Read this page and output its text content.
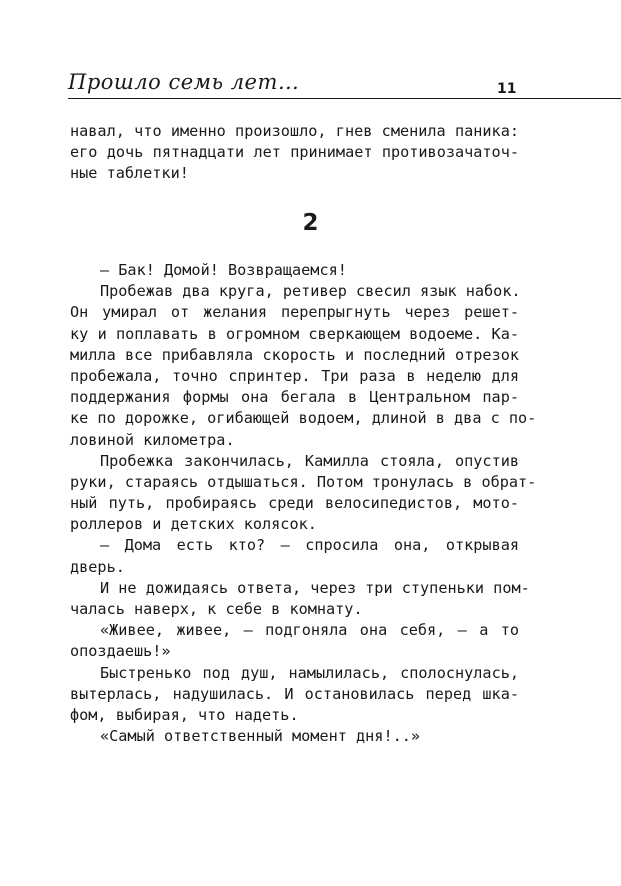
Прошло семь лет…	11
навал, что именно произошло, гнев сменила паника:
его дочь пятнадцати лет принимает противозачаточ-
ные таблетки!
2
— Бак! Домой! Возвращаемся!
Пробежав два круга, ретивер свесил язык набок.
Он умирал от желания перепрыгнуть через решет-
ку и поплавать в огромном сверкающем водоеме. Ка-
милла все прибавляла скорость и последний отрезок
пробежала, точно спринтер. Три раза в неделю для
поддержания формы она бегала в Центральном пар-
ке по дорожке, огибающей водоем, длиной в два с по-
ловиной километра.
Пробежка закончилась, Камилла стояла, опустив
руки, стараясь отдышаться. Потом тронулась в обрат-
ный путь, пробираясь среди велосипедистов, мото-
роллеров и детских колясок.
— Дома есть кто? — спросила она, открывая
дверь.
И не дожидаясь ответа, через три ступеньки пом-
чалась наверх, к себе в комнату.
«Живее, живее, — подгоняла она себя, — а то
опоздаешь!»
Быстренько под душ, намылилась, сполоснулась,
вытерлась, надушилась. И остановилась перед шка-
фом, выбирая, что надеть.
«Самый ответственный момент дня!..»
